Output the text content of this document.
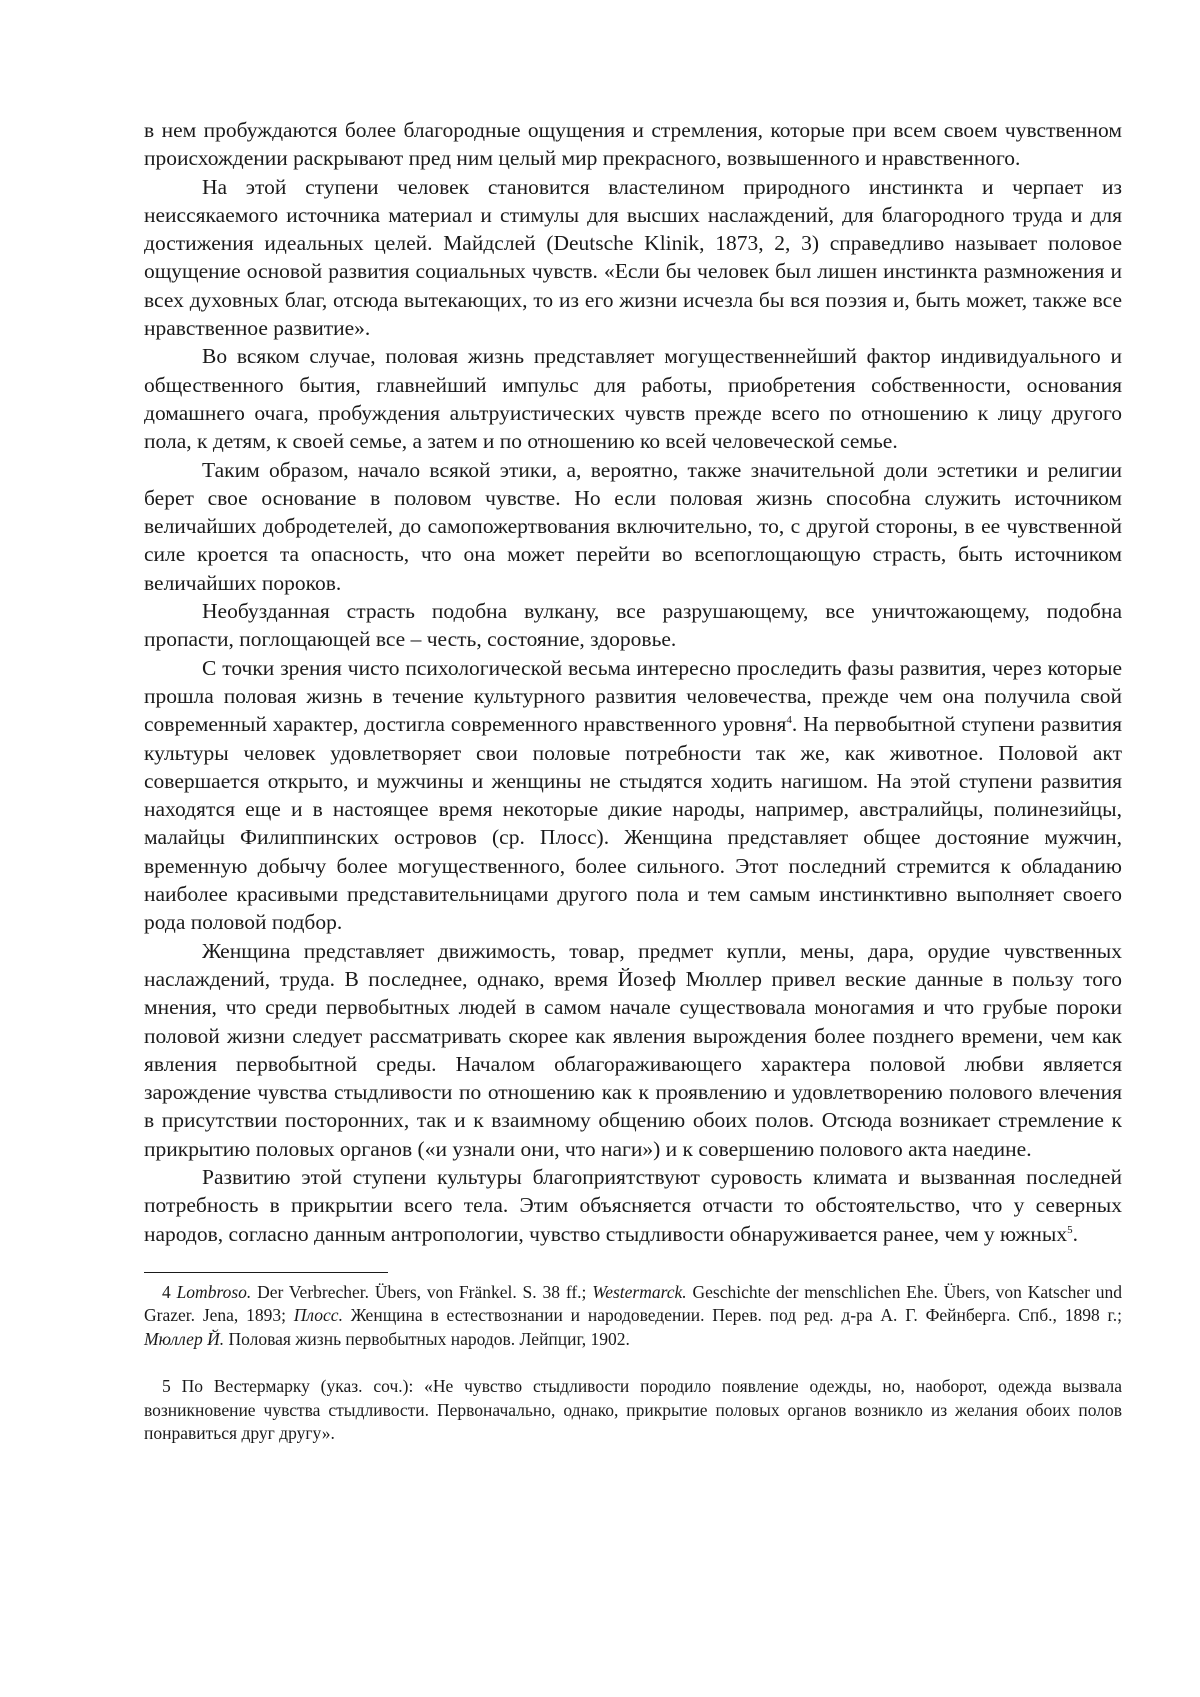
в нем пробуждаются более благородные ощущения и стремления, которые при всем своем чувственном происхождении раскрывают пред ним целый мир прекрасного, возвышенного и нравственного.

На этой ступени человек становится властелином природного инстинкта и черпает из неиссякаемого источника материал и стимулы для высших наслаждений, для благородного труда и для достижения идеальных целей. Майдслей (Deutsche Klinik, 1873, 2, 3) справедливо называет половое ощущение основой развития социальных чувств. «Если бы человек был лишен инстинкта размножения и всех духовных благ, отсюда вытекающих, то из его жизни исчезла бы вся поэзия и, быть может, также все нравственное развитие».

Во всяком случае, половая жизнь представляет могущественнейший фактор индивидуального и общественного бытия, главнейший импульс для работы, приобретения собственности, основания домашнего очага, пробуждения альтруистических чувств прежде всего по отношению к лицу другого пола, к детям, к своей семье, а затем и по отношению ко всей человеческой семье.

Таким образом, начало всякой этики, а, вероятно, также значительной доли эстетики и религии берет свое основание в половом чувстве. Но если половая жизнь способна служить источником величайших добродетелей, до самопожертвования включительно, то, с другой стороны, в ее чувственной силе кроется та опасность, что она может перейти во всепоглощающую страсть, быть источником величайших пороков.

Необузданная страсть подобна вулкану, все разрушающему, все уничтожающему, подобна пропасти, поглощающей все – честь, состояние, здоровье.

С точки зрения чисто психологической весьма интересно проследить фазы развития, через которые прошла половая жизнь в течение культурного развития человечества, прежде чем она получила свой современный характер, достигла современного нравственного уровня$^4$. На первобытной ступени развития культуры человек удовлетворяет свои половые потребности так же, как животное. Половой акт совершается открыто, и мужчины и женщины не стыдятся ходить нагишом. На этой ступени развития находятся еще и в настоящее время некоторые дикие народы, например, австралийцы, полинезийцы, малайцы Филиппинских островов (ср. Плосс). Женщина представляет общее достояние мужчин, временную добычу более могущественного, более сильного. Этот последний стремится к обладанию наиболее красивыми представительницами другого пола и тем самым инстинктивно выполняет своего рода половой подбор.

Женщина представляет движимость, товар, предмет купли, мены, дара, орудие чувственных наслаждений, труда. В последнее, однако, время Йозеф Мюллер привел веские данные в пользу того мнения, что среди первобытных людей в самом начале существовала моногамия и что грубые пороки половой жизни следует рассматривать скорее как явления вырождения более позднего времени, чем как явления первобытной среды. Началом облагораживающего характера половой любви является зарождение чувства стыдливости по отношению как к проявлению и удовлетворению полового влечения в присутствии посторонних, так и к взаимному общению обоих полов. Отсюда возникает стремление к прикрытию половых органов («и узнали они, что наги») и к совершению полового акта наедине.

Развитию этой ступени культуры благоприятствуют суровость климата и вызванная последней потребность в прикрытии всего тела. Этим объясняется отчасти то обстоятельство, что у северных народов, согласно данным антропологии, чувство стыдливости обнаруживается ранее, чем у южных$^5$.

4 Lombroso. Der Verbrecher. Übers, von Fränkel. S. 38 ff.; Westermarck. Geschichte der menschlichen Ehe. Übers, von Katscher und Grazer. Jena, 1893; Плосс. Женщина в естествознании и народоведении. Перев. под ред. д-ра А. Г. Фейнберга. Спб., 1898 г.; Мюллер Й. Половая жизнь первобытных народов. Лейпциг, 1902.

5 По Вестермарку (указ. соч.): «Не чувство стыдливости породило появление одежды, но, наоборот, одежда вызвала возникновение чувства стыдливости. Первоначально, однако, прикрытие половых органов возникло из желания обоих полов понравиться друг другу».
